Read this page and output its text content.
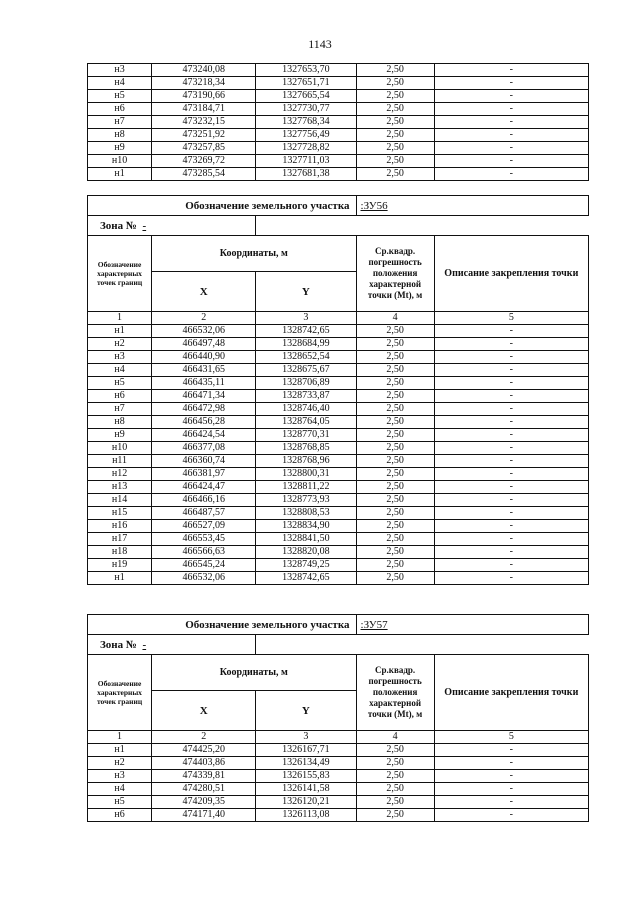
1143
н3	473240,08	1327653,70	2,50	-
н4	473218,34	1327651,71	2,50	-
н5	473190,66	1327665,54	2,50	-
н6	473184,71	1327730,77	2,50	-
н7	473232,15	1327768,34	2,50	-
н8	473251,92	1327756,49	2,50	-
н9	473257,85	1327728,82	2,50	-
н10	473269,72	1327711,03	2,50	-
н1	473285,54	1327681,38	2,50	-
Обозначение земельного участка			:ЗУ56	
Зона № -				
Обозначение характерных точек границ	Координаты, м		Ср.квадр. погрешность положения характерной точки (Mt), м	Описание закрепления точки
	X	Y		
1	2	3	4	5
н1	466532,06	1328742,65	2,50	-
н2	466497,48	1328684,99	2,50	-
н3	466440,90	1328652,54	2,50	-
н4	466431,65	1328675,67	2,50	-
н5	466435,11	1328706,89	2,50	-
н6	466471,34	1328733,87	2,50	-
н7	466472,98	1328746,40	2,50	-
н8	466456,28	1328764,05	2,50	-
н9	466424,54	1328770,31	2,50	-
н10	466377,08	1328768,85	2,50	-
н11	466360,74	1328768,96	2,50	-
н12	466381,97	1328800,31	2,50	-
н13	466424,47	1328811,22	2,50	-
н14	466466,16	1328773,93	2,50	-
н15	466487,57	1328808,53	2,50	-
н16	466527,09	1328834,90	2,50	-
н17	466553,45	1328841,50	2,50	-
н18	466566,63	1328820,08	2,50	-
н19	466545,24	1328749,25	2,50	-
н1	466532,06	1328742,65	2,50	-
Обозначение земельного участка			:ЗУ57	
Зона № -				
Обозначение характерных точек границ	Координаты, м		Ср.квадр. погрешность положения характерной точки (Mt), м	Описание закрепления точки
	X	Y		
1	2	3	4	5
н1	474425,20	1326167,71	2,50	-
н2	474403,86	1326134,49	2,50	-
н3	474339,81	1326155,83	2,50	-
н4	474280,51	1326141,58	2,50	-
н5	474209,35	1326120,21	2,50	-
н6	474171,40	1326113,08	2,50	-
